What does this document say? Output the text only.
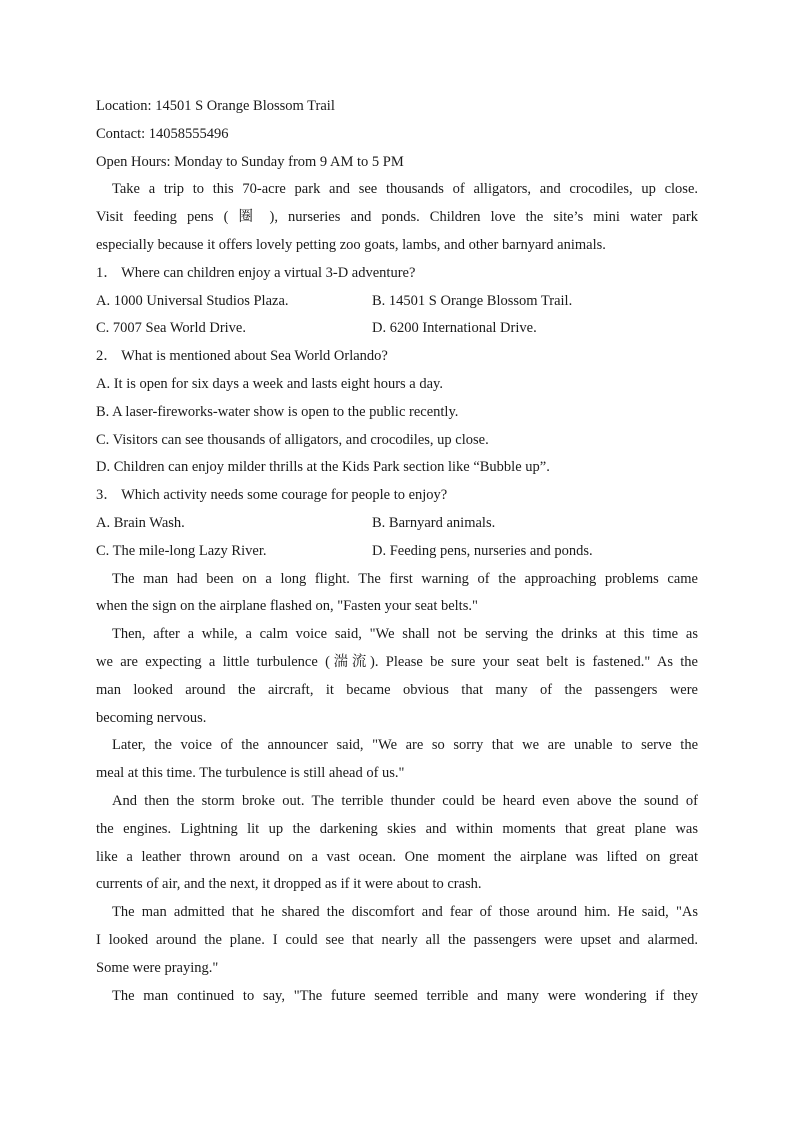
Location: 14501 S Orange Blossom Trail
Contact: 14058555496
Open Hours: Monday to Sunday from 9 AM to 5 PM
Take a trip to this 70-acre park and see thousands of alligators, and crocodiles, up close.
Visit feeding pens ( 圈 ), nurseries and ponds. Children love the site’s mini water park
especially because it offers lovely petting zoo goats, lambs, and other barnyard animals.
1． Where can children enjoy a virtual 3-D adventure?
A. 1000 Universal Studios Plaza.	B. 14501 S Orange Blossom Trail.
C. 7007 Sea World Drive.	D. 6200 International Drive.
2． What is mentioned about Sea World Orlando?
A. It is open for six days a week and lasts eight hours a day.
B. A laser-fireworks-water show is open to the public recently.
C. Visitors can see thousands of alligators, and crocodiles, up close.
D. Children can enjoy milder thrills at the Kids Park section like “Bubble up”.
3． Which activity needs some courage for people to enjoy?
A. Brain Wash.	B. Barnyard animals.
C. The mile-long Lazy River.	D. Feeding pens, nurseries and ponds.
The man had been on a long flight. The first warning of the approaching problems came
when the sign on the airplane flashed on, "Fasten your seat belts."
Then, after a while, a calm voice said, "We shall not be serving the drinks at this time as
we are expecting a little turbulence (湍流). Please be sure your seat belt is fastened." As the
man looked around the aircraft, it became obvious that many of the passengers were
becoming nervous.
Later, the voice of the announcer said, "We are so sorry that we are unable to serve the
meal at this time. The turbulence is still ahead of us."
And then the storm broke out. The terrible thunder could be heard even above the sound of
the engines. Lightning lit up the darkening skies and within moments that great plane was
like a leather thrown around on a vast ocean. One moment the airplane was lifted on great
currents of air, and the next, it dropped as if it were about to crash.
The man admitted that he shared the discomfort and fear of those around him. He said, "As
I looked around the plane. I could see that nearly all the passengers were upset and alarmed.
Some were praying."
The man continued to say, "The future seemed terrible and many were wondering if they
